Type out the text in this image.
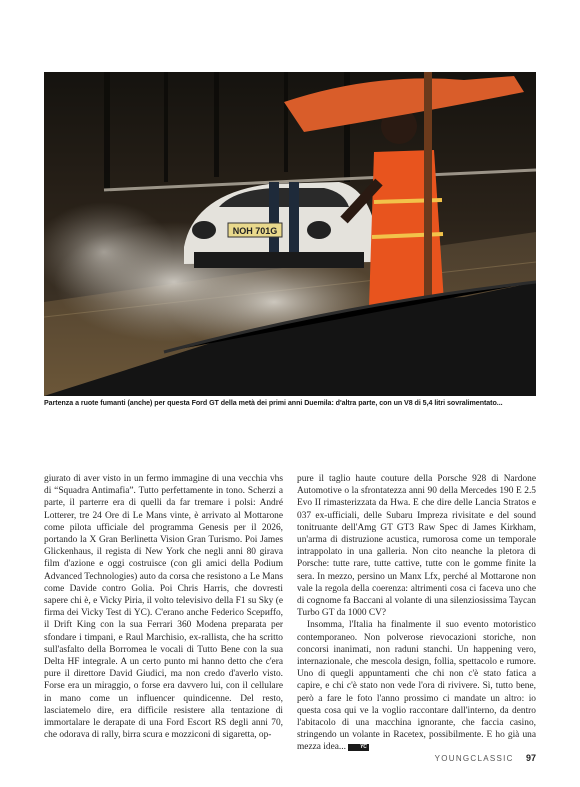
NOH 701G
Partenza a ruote fumanti (anche) per questa Ford GT della metà dei primi anni Duemila: d'altra parte, con un V8 di 5,4 litri sovralimentato...

giurato di aver visto in un fermo immagine di una vecchia vhs di “Squadra Antimafia”. Tutto perfettamente in tono. Scherzi a parte, il parterre era di quelli da far tremare i polsi: André Lotterer, tre 24 Ore di Le Mans vinte, è arrivato al Mottarone come pilota ufficiale del programma Genesis per il 2026, portando la X Gran Berlinetta Vision Gran Turismo. Poi James Glickenhaus, il regista di New York che negli anni 80 girava film d'azione e oggi costruisce (con gli amici della Podium Advanced Technologies) auto da corsa che resistono a Le Mans come Davide contro Golia. Poi Chris Harris, che dovresti sapere chi è, e Vicky Piria, il volto televisivo della F1 su Sky (e firma dei Vicky Test di YC). C'erano anche Federico Scериffo, il Drift King con la sua Ferrari 360 Modena preparata per sfondare i timpani, e Raul Marchisio, ex-rallista, che ha scritto sull'asfalto della Borromea le vocali di Tutto Bene con la sua Delta HF integrale. A un certo punto mi hanno detto che c'era pure il direttore David Giudici, ma non credo d'averlo visto. Forse era un miraggio, o forse era davvero lui, con il cellulare in mano come un influencer quindicenne. Del resto, lasciatemelo dire, era difficile resistere alla tentazione di immortalare le derapate di una Ford Escort RS degli anni 70, che odorava di rally, birra scura e mozziconi di sigaretta, op-

pure il taglio haute couture della Porsche 928 di Nardone Automotive o la sfrontatezza anni 90 della Mercedes 190 E 2.5 Evo II rimasterizzata da Hwa. E che dire delle Lancia Stratos e 037 ex-ufficiali, delle Subaru Impreza rivisitate e del sound tonitruante dell'Amg GT GT3 Raw Spec di James Kirkham, un'arma di distruzione acustica, rumorosa come un temporale intrappolato in una galleria. Non cito neanche la pletora di Porsche: tutte rare, tutte cattive, tutte con le gomme finite la sera. In mezzo, persino un Manx Lfx, perché al Mottarone non vale la regola della coerenza: altrimenti cosa ci faceva uno che di cognome fa Baccani al volante di una silenziosissima Taycan Turbo GT da 1000 CV?

Insomma, l'Italia ha finalmente il suo evento motoristico contemporaneo. Non polverose rievocazioni storiche, non concorsi inanimati, non raduni stanchi. Un happening vero, internazionale, che mescola design, follia, spettacolo e rumore. Uno di quegli appuntamenti che chi non c'è stato fatica a capire, e chi c'è stato non vede l'ora di rivivere. Sì, tutto bene, però a fare le foto l'anno prossimo ci mandate un altro: io questa cosa qui ve la voglio raccontare dall'interno, da dentro l'abitacolo di una macchina ignorante, che faccia casino, stringendo un volante in Racetex, possibilmente. E ho già una mezza idea...	YC

YOUNGCLASSIC 97
